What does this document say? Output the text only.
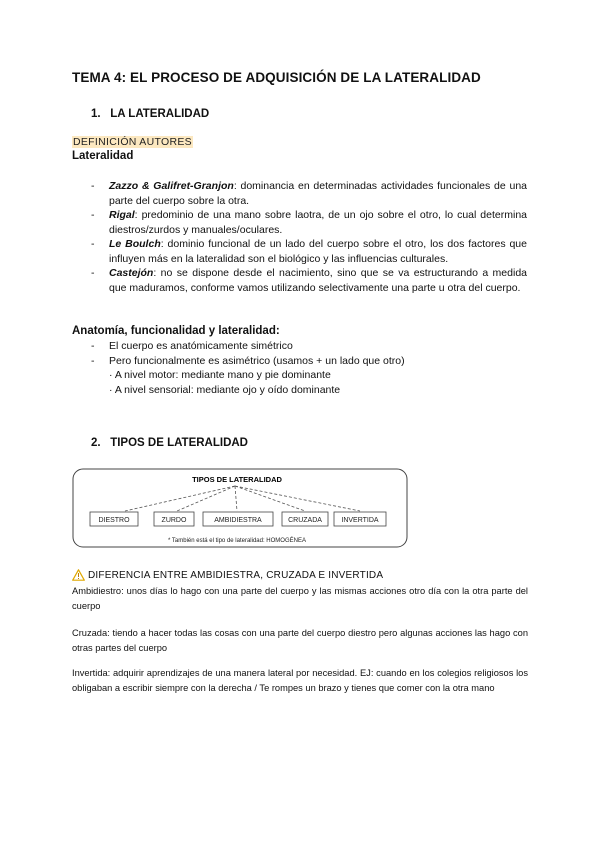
TEMA 4: EL PROCESO DE ADQUISICIÓN DE LA LATERALIDAD
1. LA LATERALIDAD
DEFINICIÓN AUTORES
Lateralidad
- Zazzo & Galifret-Granjon: dominancia en determinadas actividades funcionales de una parte del cuerpo sobre la otra.
- Rigal: predominio de una mano sobre laotra, de un ojo sobre el otro, lo cual determina diestros/zurdos y manuales/oculares.
- Le Boulch: dominio funcional de un lado del cuerpo sobre el otro, los dos factores que influyen más en la lateralidad son el biológico y las influencias culturales.
- Castejón: no se dispone desde el nacimiento, sino que se va estructurando a medida que maduramos, conforme vamos utilizando selectivamente una parte u otra del cuerpo.
Anatomía, funcionalidad y lateralidad:
- El cuerpo es anatómicamente simétrico
- Pero funcionalmente es asimétrico (usamos + un lado que otro)
· A nivel motor: mediante mano y pie dominante
· A nivel sensorial: mediante ojo y oído dominante
2. TIPOS DE LATERALIDAD
TIPOS DE LATERALIDAD
DIESTRO	ZURDO	AMBIDIESTRA	CRUZADA	INVERTIDA
* También está el tipo de lateralidad: HOMOGÉNEA
DIFERENCIA ENTRE AMBIDIESTRA, CRUZADA E INVERTIDA
Ambidiestro: unos días lo hago con una parte del cuerpo y las mismas acciones otro día con la otra parte del cuerpo
Cruzada: tiendo a hacer todas las cosas con una parte del cuerpo diestro pero algunas acciones las hago con otras partes del cuerpo
Invertida: adquirir aprendizajes de una manera lateral por necesidad. EJ: cuando en los colegios religiosos los obligaban a escribir siempre con la derecha / Te rompes un brazo y tienes que comer con la otra mano
